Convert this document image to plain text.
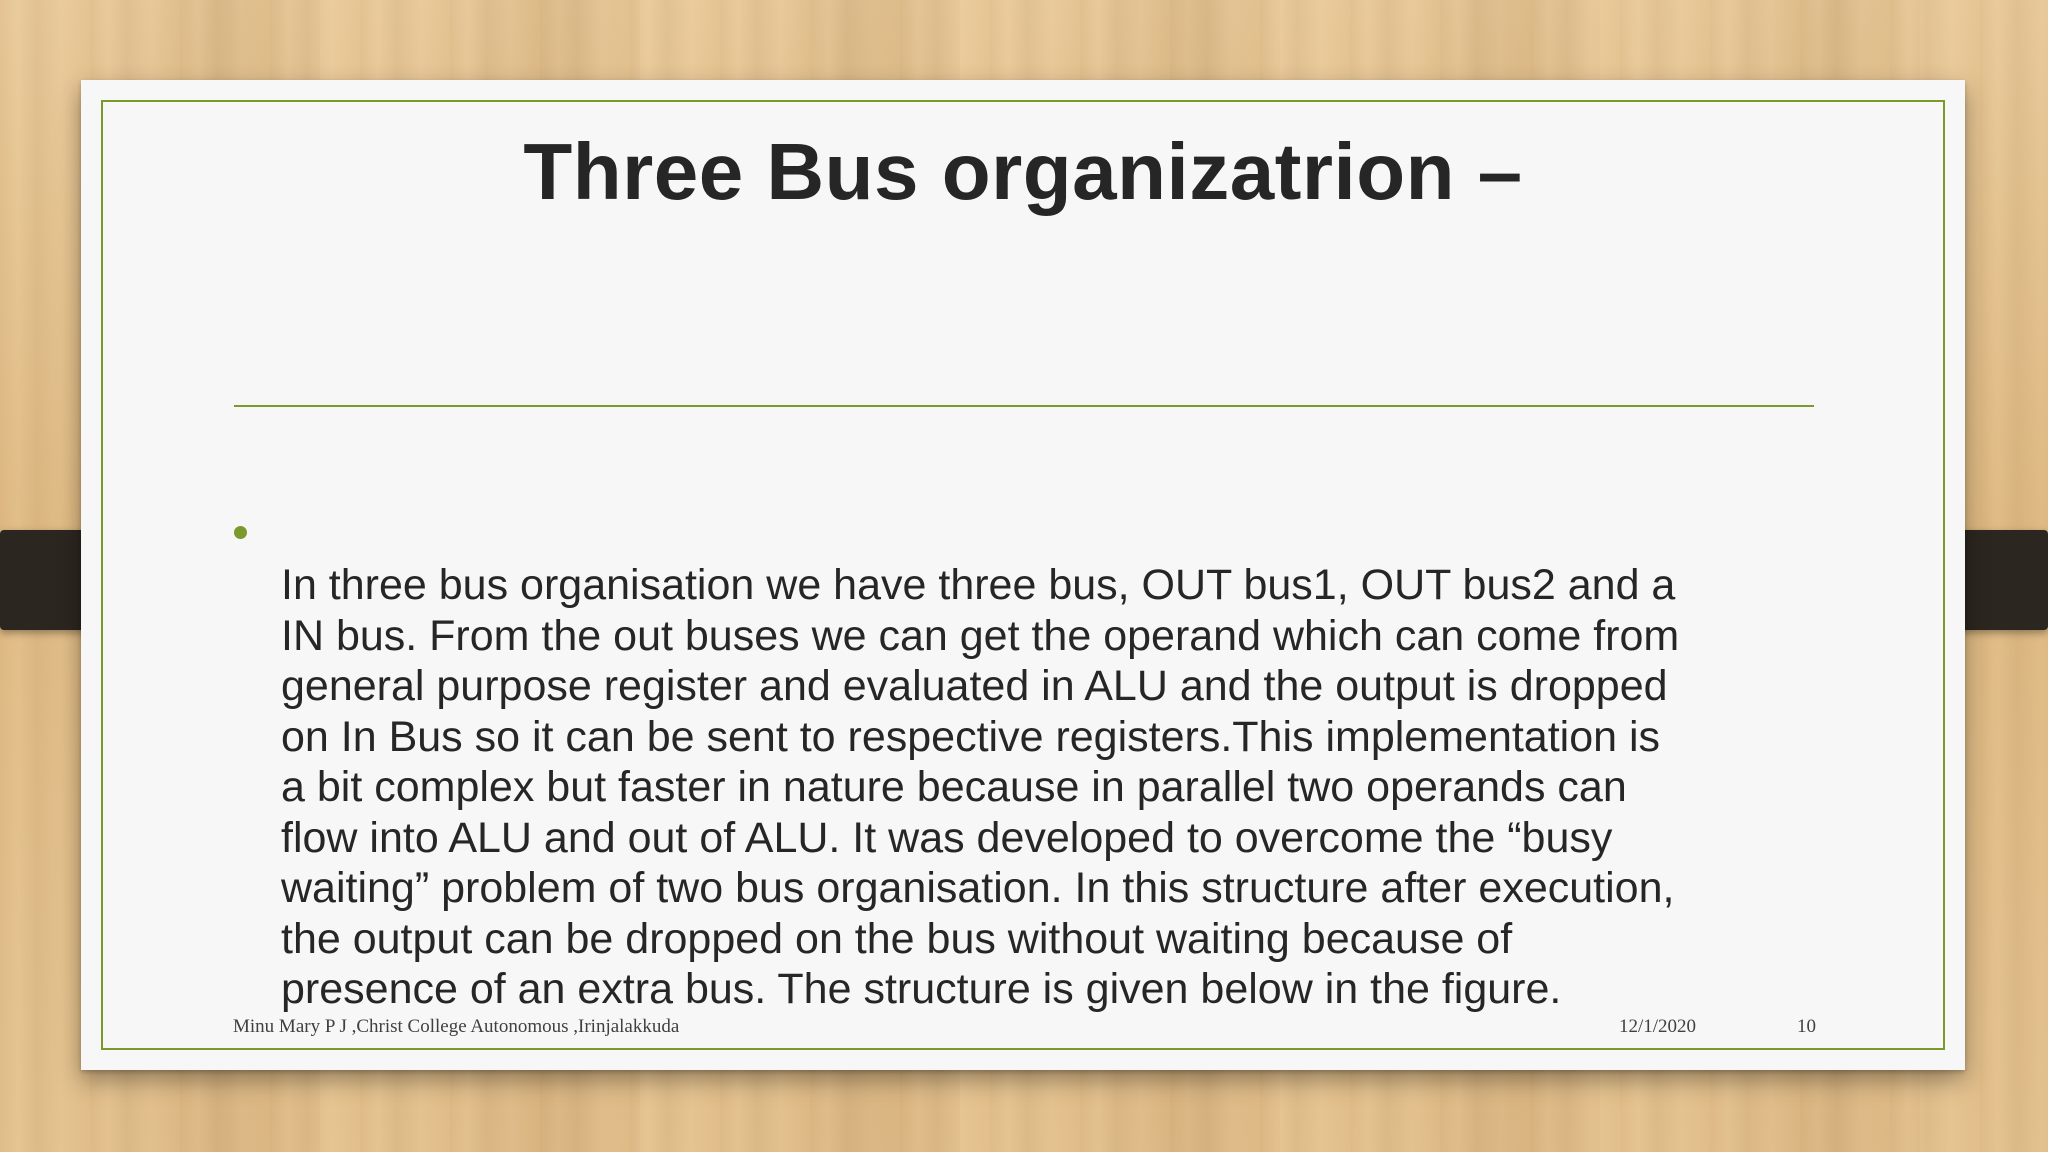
Three Bus organizatrion –

In three bus organisation we have three bus, OUT bus1, OUT bus2 and a
IN bus. From the out buses we can get the operand which can come from
general purpose register and evaluated in ALU and the output is dropped
on In Bus so it can be sent to respective registers.This implementation is
a bit complex but faster in nature because in parallel two operands can
flow into ALU and out of ALU. It was developed to overcome the “busy
waiting” problem of two bus organisation. In this structure after execution,
the output can be dropped on the bus without waiting because of
presence of an extra bus. The structure is given below in the figure.

Minu Mary P J ,Christ College Autonomous ,Irinjalakkuda	12/1/2020	10
